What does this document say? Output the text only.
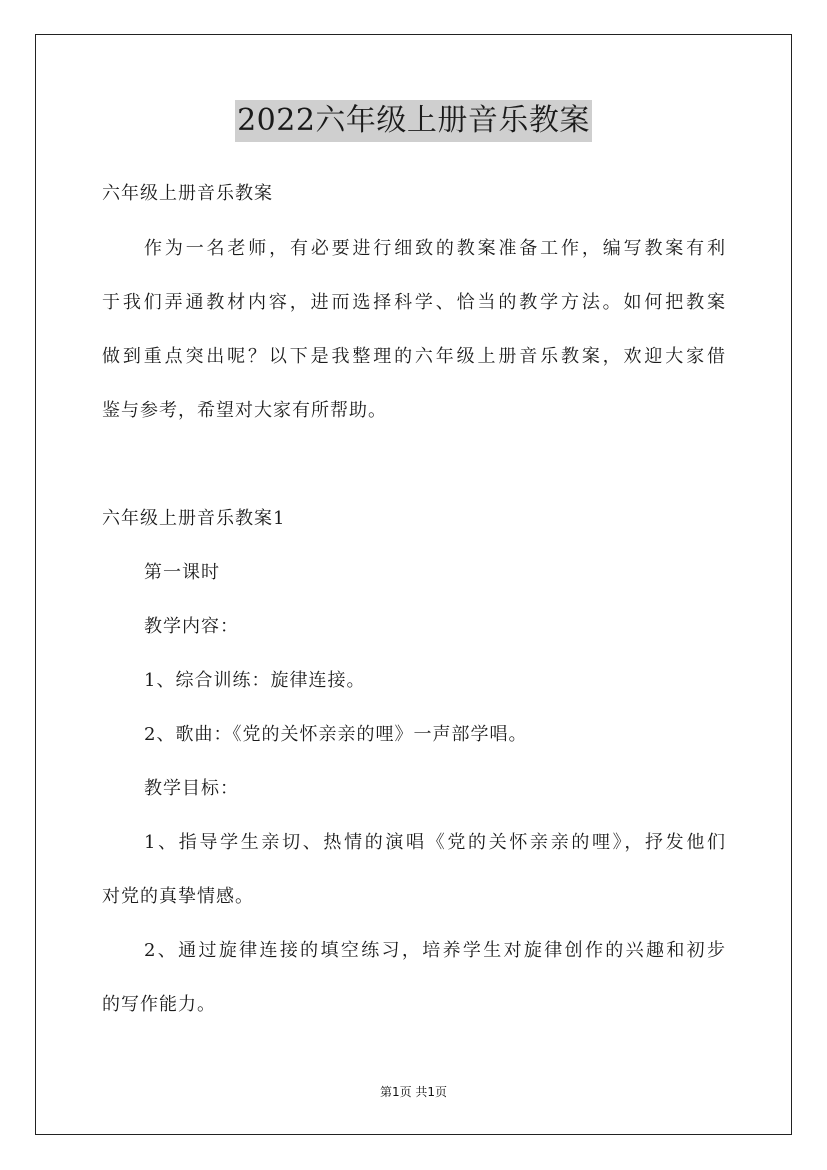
2022六年级上册音乐教案
六年级上册音乐教案
作为一名老师，有必要进行细致的教案准备工作，编写教案有利
于我们弄通教材内容，进而选择科学、恰当的教学方法。如何把教案
做到重点突出呢？以下是我整理的六年级上册音乐教案，欢迎大家借
鉴与参考，希望对大家有所帮助。
六年级上册音乐教案1
第一课时
教学内容：
1、综合训练：旋律连接。
2、歌曲：《党的关怀亲亲的哩》一声部学唱。
教学目标：
1、指导学生亲切、热情的演唱《党的关怀亲亲的哩》，抒发他们
对党的真挚情感。
2、通过旋律连接的填空练习，培养学生对旋律创作的兴趣和初步
的写作能力。
第1页 共1页
